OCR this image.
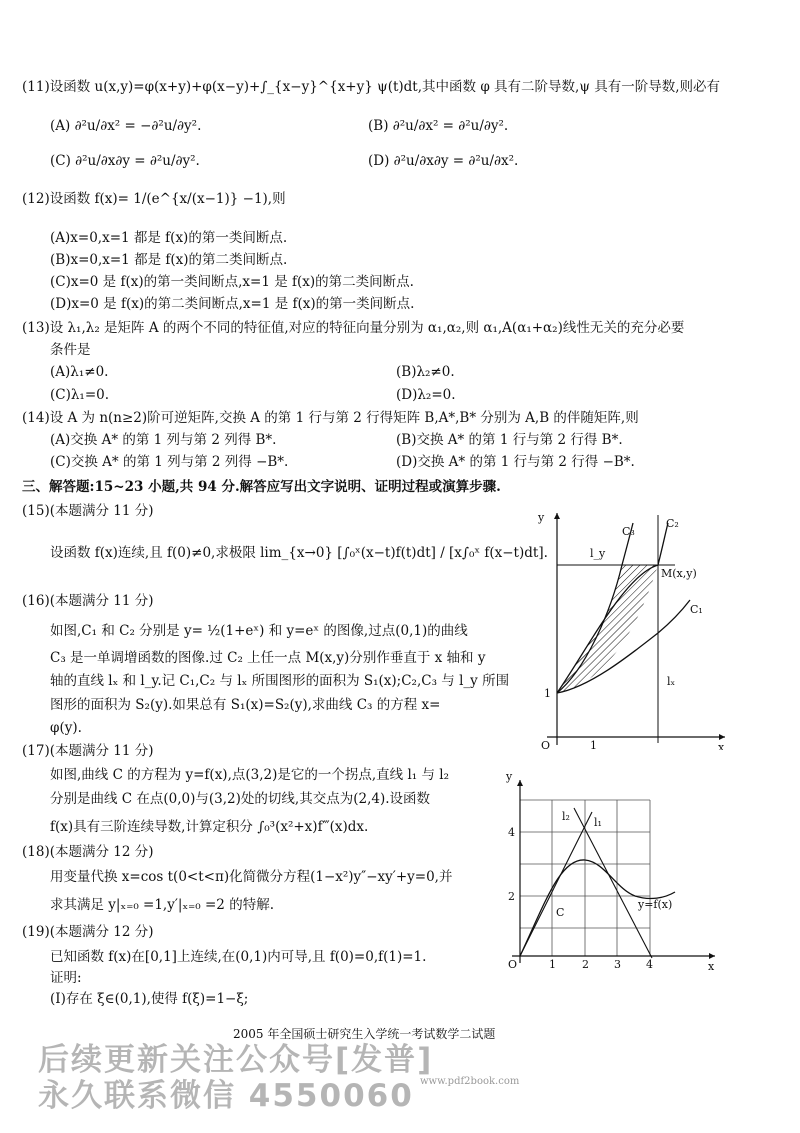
(11)设函数 u(x,y)=φ(x+y)+φ(x−y)+∫_{x−y}^{x+y} ψ(t)dt,其中函数 φ 具有二阶导数,ψ 具有一阶导数,则必有
(A) ∂²u/∂x² = −∂²u/∂y².	(B) ∂²u/∂x² = ∂²u/∂y².
(C) ∂²u/∂x∂y = ∂²u/∂y².	(D) ∂²u/∂x∂y = ∂²u/∂x².
(12)设函数 f(x)= 1/(e^{x/(x−1)} −1),则
(A)x=0,x=1 都是 f(x)的第一类间断点.
(B)x=0,x=1 都是 f(x)的第二类间断点.
(C)x=0 是 f(x)的第一类间断点,x=1 是 f(x)的第二类间断点.
(D)x=0 是 f(x)的第二类间断点,x=1 是 f(x)的第一类间断点.
(13)设 λ₁,λ₂ 是矩阵 A 的两个不同的特征值,对应的特征向量分别为 α₁,α₂,则 α₁,A(α₁+α₂)线性无关的充分必要
条件是
(A)λ₁≠0.	(B)λ₂≠0.
(C)λ₁=0.	(D)λ₂=0.
(14)设 A 为 n(n≥2)阶可逆矩阵,交换 A 的第 1 行与第 2 行得矩阵 B,A*,B* 分别为 A,B 的伴随矩阵,则
(A)交换 A* 的第 1 列与第 2 列得 B*.	(B)交换 A* 的第 1 行与第 2 行得 B*.
(C)交换 A* 的第 1 列与第 2 列得 −B*.	(D)交换 A* 的第 1 行与第 2 行得 −B*.
三、解答题:15~23 小题,共 94 分.解答应写出文字说明、证明过程或演算步骤.
(15)(本题满分 11 分)
设函数 f(x)连续,且 f(0)≠0,求极限 lim_{x→0} [∫₀ˣ(x−t)f(t)dt] / [x∫₀ˣ f(x−t)dt].
(16)(本题满分 11 分)
如图,C₁ 和 C₂ 分别是 y= ½(1+eˣ) 和 y=eˣ 的图像,过点(0,1)的曲线
C₃ 是一单调增函数的图像.过 C₂ 上任一点 M(x,y)分别作垂直于 x 轴和 y
轴的直线 lₓ 和 l_y.记 C₁,C₂ 与 lₓ 所围图形的面积为 S₁(x);C₂,C₃ 与 l_y 所围
图形的面积为 S₂(y).如果总有 S₁(x)=S₂(y),求曲线 C₃ 的方程 x=
φ(y).
(17)(本题满分 11 分)
如图,曲线 C 的方程为 y=f(x),点(3,2)是它的一个拐点,直线 l₁ 与 l₂
分别是曲线 C 在点(0,0)与(3,2)处的切线,其交点为(2,4).设函数
f(x)具有三阶连续导数,计算定积分 ∫₀³(x²+x)f‴(x)dx.
(18)(本题满分 12 分)
用变量代换 x=cos t(0<t<π)化简微分方程(1−x²)y″−xy′+y=0,并
求其满足 y|ₓ₌₀ =1,y′|ₓ₌₀ =2 的特解.
(19)(本题满分 12 分)
已知函数 f(x)在[0,1]上连续,在(0,1)内可导,且 f(0)=0,f(1)=1.
证明:
(Ⅰ)存在 ξ∈(0,1),使得 f(ξ)=1−ξ;
y
x
O	1
1
C₃
C₂
C₁
l_y
lₓ
M(x,y)
y
x
O	1 2 3 4
2
4
l₂ l₁
C
y=f(x)
2005 年全国硕士研究生入学统一考试数学二试题
www.pdf2book.com
后续更新关注公众号[发普]
永久联系微信 4550060
